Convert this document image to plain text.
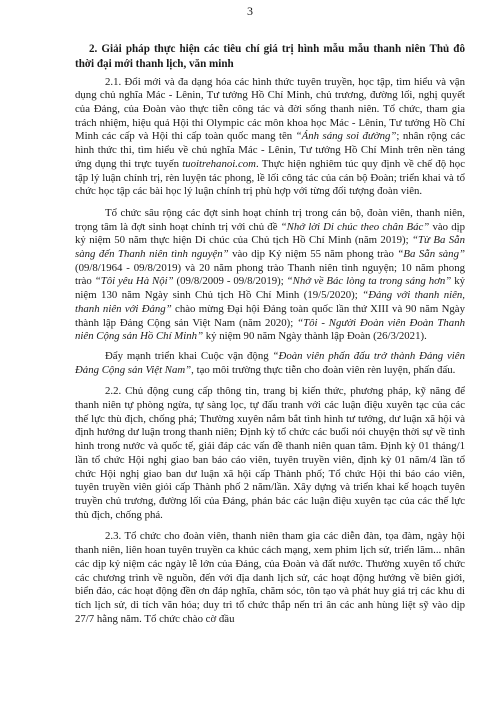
3
2. Giải pháp thực hiện các tiêu chí giá trị hình mẫu mẫu thanh niên Thủ đô thời đại mới thanh lịch, văn minh

2.1. Đổi mới và đa dạng hóa các hình thức tuyên truyền, học tập, tìm hiểu và vận dụng chủ nghĩa Mác - Lênin, Tư tưởng Hồ Chí Minh, chủ trương, đường lối, nghị quyết của Đảng, của Đoàn vào thực tiễn công tác và đời sống thanh niên. Tổ chức, tham gia trách nhiệm, hiệu quả Hội thi Olympic các môn khoa học Mác - Lênin, Tư tưởng Hồ Chí Minh các cấp và Hội thi cấp toàn quốc mang tên “Ánh sáng soi đường”; nhân rộng các hình thức thi, tìm hiểu về chủ nghĩa Mác - Lênin, Tư tưởng Hồ Chí Minh trên nền tảng ứng dụng thi trực tuyến tuoitrehanoi.com. Thực hiện nghiêm túc quy định về chế độ học tập lý luận chính trị, rèn luyện tác phong, lề lối công tác của cán bộ Đoàn; triển khai và tổ chức học tập các bài học lý luận chính trị phù hợp với từng đối tượng đoàn viên.

Tổ chức sâu rộng các đợt sinh hoạt chính trị trong cán bộ, đoàn viên, thanh niên, trọng tâm là đợt sinh hoạt chính trị với chủ đề “Nhớ lời Di chúc theo chân Bác” vào dịp kỷ niệm 50 năm thực hiện Di chúc của Chủ tịch Hồ Chí Minh (năm 2019); “Từ Ba Sẵn sàng đến Thanh niên tình nguyện” vào dịp Kỷ niệm 55 năm phong trào “Ba Sẵn sàng” (09/8/1964 - 09/8/2019) và 20 năm phong trào Thanh niên tình nguyện; 10 năm phong trào “Tôi yêu Hà Nội” (09/8/2009 - 09/8/2019); “Nhớ về Bác lòng ta trong sáng hơn” kỷ niệm 130 năm Ngày sinh Chủ tịch Hồ Chí Minh (19/5/2020); “Đảng với thanh niên, thanh niên với Đảng” chào mừng Đại hội Đảng toàn quốc lần thứ XIII và 90 năm Ngày thành lập Đảng Cộng sản Việt Nam (năm 2020); “Tôi - Người Đoàn viên Đoàn Thanh niên Cộng sản Hồ Chí Minh” kỷ niệm 90 năm Ngày thành lập Đoàn (26/3/2021).

Đẩy mạnh triển khai Cuộc vận động “Đoàn viên phấn đấu trở thành Đảng viên Đảng Cộng sản Việt Nam”, tạo môi trường thực tiễn cho đoàn viên rèn luyện, phấn đấu.

2.2. Chủ động cung cấp thông tin, trang bị kiến thức, phương pháp, kỹ năng để thanh niên tự phòng ngừa, tự sàng lọc, tự đấu tranh với các luận điệu xuyên tạc của các thế lực thù địch, chống phá; Thường xuyên nắm bắt tình hình tư tưởng, dư luận xã hội và định hướng dư luận trong thanh niên; Định kỳ tổ chức các buổi nói chuyện thời sự về tình hình trong nước và quốc tế, giải đáp các vấn đề thanh niên quan tâm. Định kỳ 01 tháng/1 lần tổ chức Hội nghị giao ban báo cáo viên, tuyên truyền viên, định kỳ 01 năm/4 lần tổ chức Hội nghị giao ban dư luận xã hội cấp Thành phố; Tổ chức Hội thi báo cáo viên, tuyên truyền viên giỏi cấp Thành phố 2 năm/lần. Xây dựng và triển khai kế hoạch tuyên truyền chủ trương, đường lối của Đảng, phản bác các luận điệu xuyên tạc của các thế lực thù địch, chống phá.

2.3. Tổ chức cho đoàn viên, thanh niên tham gia các diễn đàn, tọa đàm, ngày hội thanh niên, liên hoan tuyên truyền ca khúc cách mạng, xem phim lịch sử, triển lãm... nhân các dịp kỷ niệm các ngày lễ lớn của Đảng, của Đoàn và đất nước. Thường xuyên tổ chức các chương trình về nguồn, đến với địa danh lịch sử, các hoạt động hướng về biên giới, biển đảo, các hoạt động đền ơn đáp nghĩa, chăm sóc, tôn tạo và phát huy giá trị các khu di tích lịch sử, di tích văn hóa; duy trì tổ chức thắp nến tri ân các anh hùng liệt sỹ vào dịp 27/7 hằng năm. Tổ chức chào cờ đầu
